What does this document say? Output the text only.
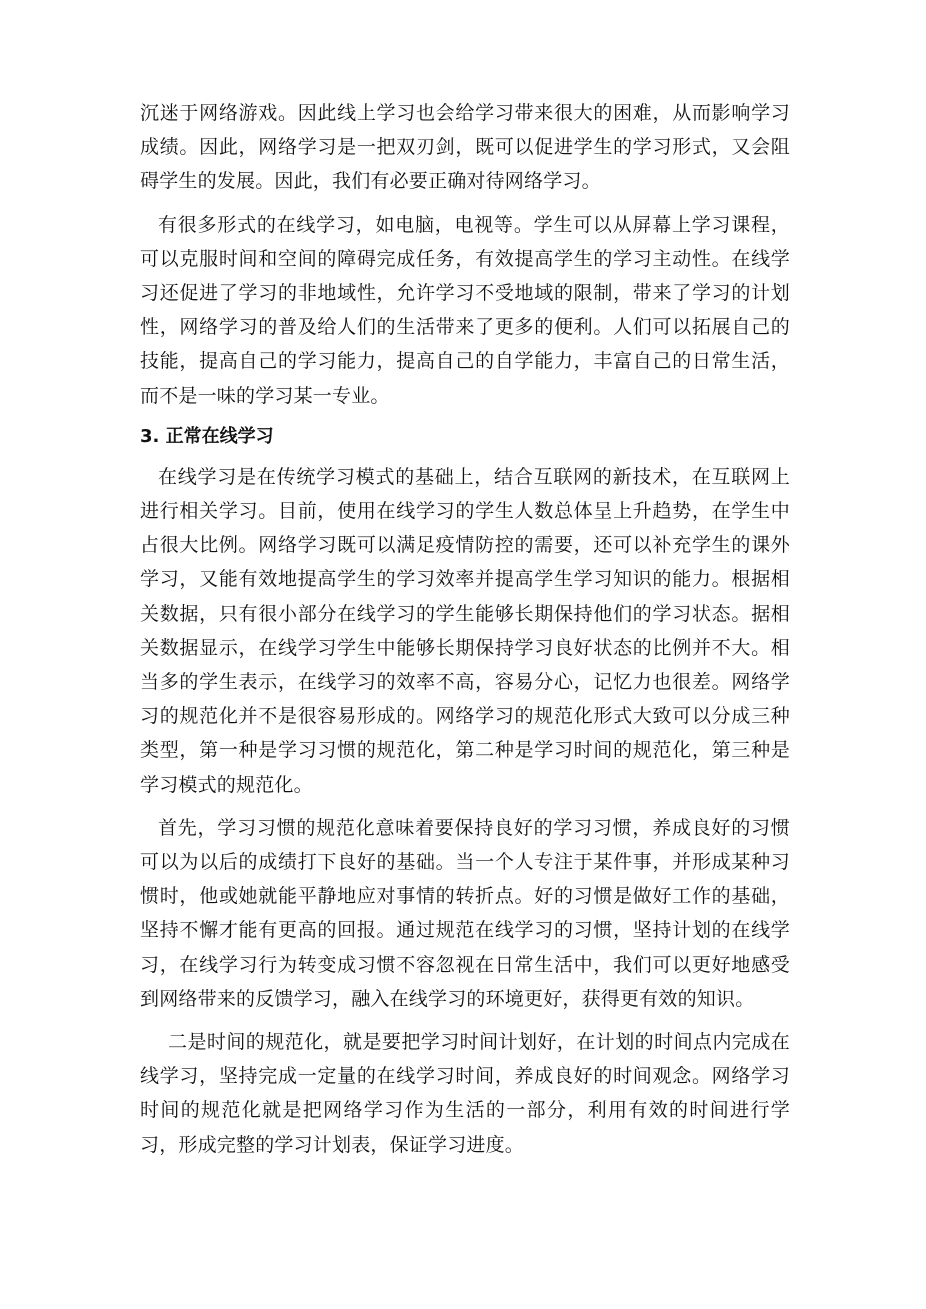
沉迷于网络游戏。因此线上学习也会给学习带来很大的困难，从而影响学习成绩。因此，网络学习是一把双刃剑，既可以促进学生的学习形式，又会阻碍学生的发展。因此，我们有必要正确对待网络学习。

有很多形式的在线学习，如电脑，电视等。学生可以从屏幕上学习课程，可以克服时间和空间的障碍完成任务，有效提高学生的学习主动性。在线学习还促进了学习的非地域性，允许学习不受地域的限制，带来了学习的计划性，网络学习的普及给人们的生活带来了更多的便利。人们可以拓展自己的技能，提高自己的学习能力，提高自己的自学能力，丰富自己的日常生活，而不是一味的学习某一专业。

3. 正常在线学习

在线学习是在传统学习模式的基础上，结合互联网的新技术，在互联网上进行相关学习。目前，使用在线学习的学生人数总体呈上升趋势，在学生中占很大比例。网络学习既可以满足疫情防控的需要，还可以补充学生的课外学习，又能有效地提高学生的学习效率并提高学生学习知识的能力。根据相关数据，只有很小部分在线学习的学生能够长期保持他们的学习状态。据相关数据显示，在线学习学生中能够长期保持学习良好状态的比例并不大。相当多的学生表示，在线学习的效率不高，容易分心，记忆力也很差。网络学习的规范化并不是很容易形成的。网络学习的规范化形式大致可以分成三种类型，第一种是学习习惯的规范化，第二种是学习时间的规范化，第三种是学习模式的规范化。

首先，学习习惯的规范化意味着要保持良好的学习习惯，养成良好的习惯可以为以后的成绩打下良好的基础。当一个人专注于某件事，并形成某种习惯时，他或她就能平静地应对事情的转折点。好的习惯是做好工作的基础，坚持不懈才能有更高的回报。通过规范在线学习的习惯，坚持计划的在线学习，在线学习行为转变成习惯不容忽视在日常生活中，我们可以更好地感受到网络带来的反馈学习，融入在线学习的环境更好，获得更有效的知识。

二是时间的规范化，就是要把学习时间计划好，在计划的时间点内完成在线学习，坚持完成一定量的在线学习时间，养成良好的时间观念。网络学习时间的规范化就是把网络学习作为生活的一部分，利用有效的时间进行学习，形成完整的学习计划表，保证学习进度。
